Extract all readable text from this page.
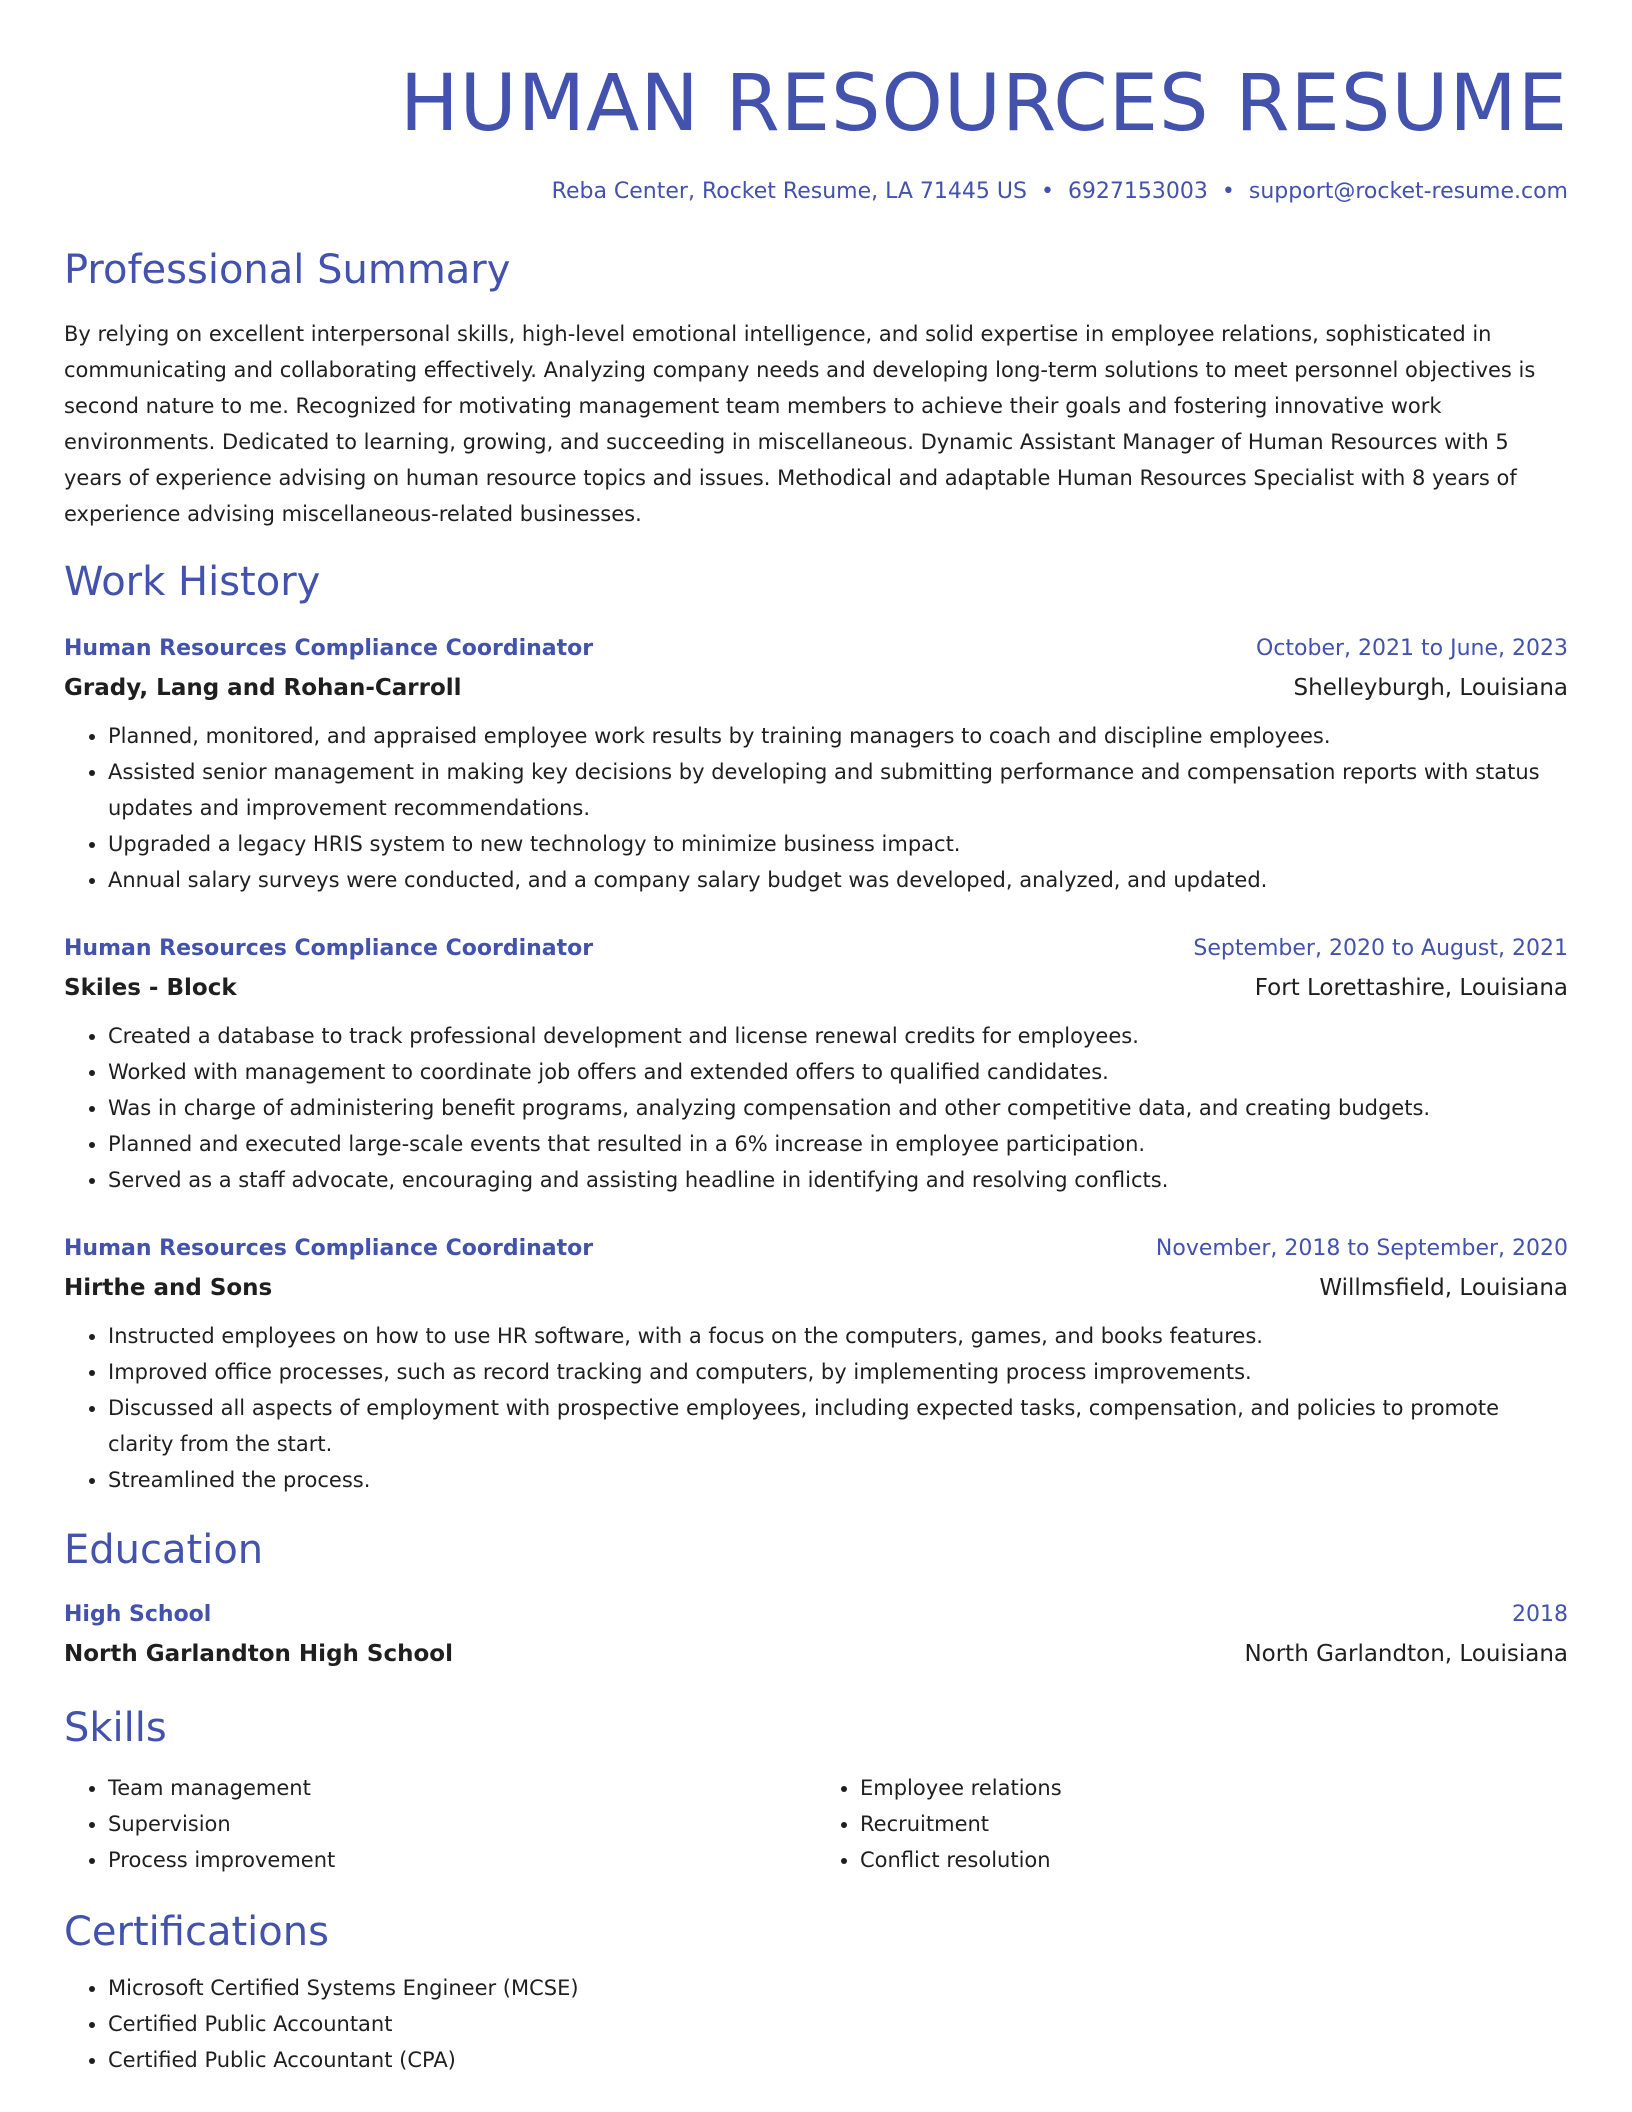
HUMAN RESOURCES RESUME
Reba Center, Rocket Resume, LA 71445 US • 6927153003 • support@rocket-resume.com
Professional Summary
By relying on excellent interpersonal skills, high-level emotional intelligence, and solid expertise in employee relations, sophisticated in communicating and collaborating effectively. Analyzing company needs and developing long-term solutions to meet personnel objectives is second nature to me. Recognized for motivating management team members to achieve their goals and fostering innovative work environments. Dedicated to learning, growing, and succeeding in miscellaneous. Dynamic Assistant Manager of Human Resources with 5 years of experience advising on human resource topics and issues. Methodical and adaptable Human Resources Specialist with 8 years of experience advising miscellaneous-related businesses.
Work History
Human Resources Compliance Coordinator	October, 2021 to June, 2023
Grady, Lang and Rohan-Carroll	Shelleyburgh, Louisiana
• Planned, monitored, and appraised employee work results by training managers to coach and discipline employees.
• Assisted senior management in making key decisions by developing and submitting performance and compensation reports with status updates and improvement recommendations.
• Upgraded a legacy HRIS system to new technology to minimize business impact.
• Annual salary surveys were conducted, and a company salary budget was developed, analyzed, and updated.
Human Resources Compliance Coordinator	September, 2020 to August, 2021
Skiles - Block	Fort Lorettashire, Louisiana
• Created a database to track professional development and license renewal credits for employees.
• Worked with management to coordinate job offers and extended offers to qualified candidates.
• Was in charge of administering benefit programs, analyzing compensation and other competitive data, and creating budgets.
• Planned and executed large-scale events that resulted in a 6% increase in employee participation.
• Served as a staff advocate, encouraging and assisting headline in identifying and resolving conflicts.
Human Resources Compliance Coordinator	November, 2018 to September, 2020
Hirthe and Sons	Willmsfield, Louisiana
• Instructed employees on how to use HR software, with a focus on the computers, games, and books features.
• Improved office processes, such as record tracking and computers, by implementing process improvements.
• Discussed all aspects of employment with prospective employees, including expected tasks, compensation, and policies to promote clarity from the start.
• Streamlined the process.
Education
High School	2018
North Garlandton High School	North Garlandton, Louisiana
Skills
• Team management
• Supervision
• Process improvement
• Employee relations
• Recruitment
• Conflict resolution
Certifications
• Microsoft Certified Systems Engineer (MCSE)
• Certified Public Accountant
• Certified Public Accountant (CPA)
